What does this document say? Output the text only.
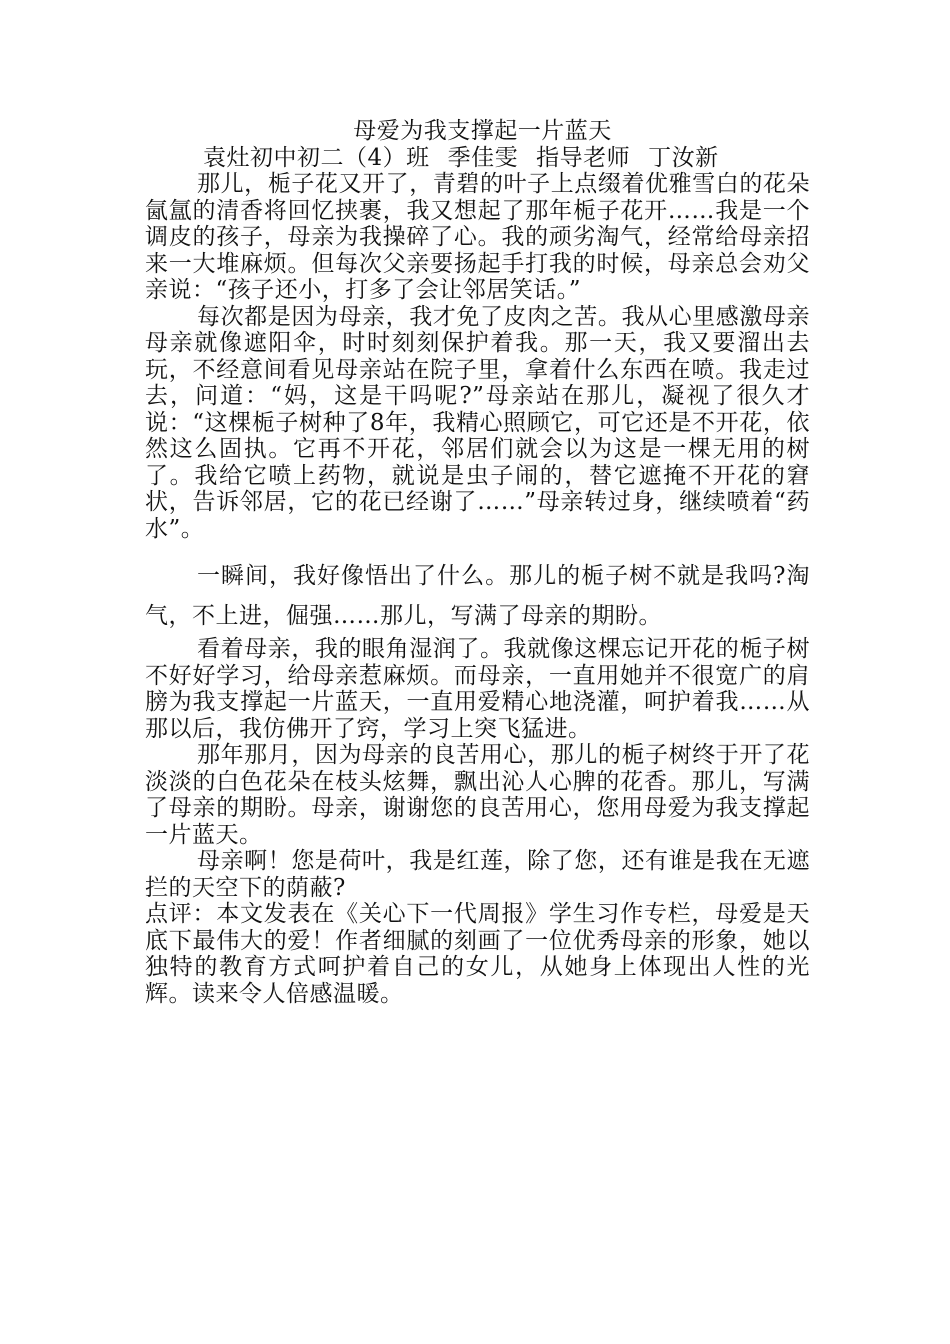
母爱为我支撑起一片蓝天
袁灶初中初二（4）班 季佳雯 指导老师 丁汝新

那儿，栀子花又开了，青碧的叶子上点缀着优雅雪白的花朵氤氲的清香将回忆挟裹，我又想起了那年栀子花开……我是一个调皮的孩子，母亲为我操碎了心。我的顽劣淘气，经常给母亲招来一大堆麻烦。但每次父亲要扬起手打我的时候，母亲总会劝父亲说：“孩子还小，打多了会让邻居笑话。”

每次都是因为母亲，我才免了皮肉之苦。我从心里感激母亲母亲就像遮阳伞，时时刻刻保护着我。那一天，我又要溜出去玩，不经意间看见母亲站在院子里，拿着什么东西在喷。我走过去，问道：“妈，这是干吗呢?”母亲站在那儿，凝视了很久才说：“这棵栀子树种了8年，我精心照顾它，可它还是不开花，依然这么固执。它再不开花，邻居们就会以为这是一棵无用的树了。我给它喷上药物，就说是虫子闹的，替它遮掩不开花的窘状，告诉邻居，它的花已经谢了……”母亲转过身，继续喷着“药水”。

一瞬间，我好像悟出了什么。那儿的栀子树不就是我吗?淘气，不上进，倔强……那儿，写满了母亲的期盼。

看着母亲，我的眼角湿润了。我就像这棵忘记开花的栀子树不好好学习，给母亲惹麻烦。而母亲，一直用她并不很宽广的肩膀为我支撑起一片蓝天，一直用爱精心地浇灌，呵护着我……从那以后，我仿佛开了窍，学习上突飞猛进。

那年那月，因为母亲的良苦用心，那儿的栀子树终于开了花淡淡的白色花朵在枝头炫舞，飘出沁人心脾的花香。那儿，写满了母亲的期盼。母亲，谢谢您的良苦用心，您用母爱为我支撑起一片蓝天。

母亲啊！您是荷叶，我是红莲，除了您，还有谁是我在无遮拦的天空下的荫蔽?

点评：本文发表在《关心下一代周报》学生习作专栏，母爱是天底下最伟大的爱！作者细腻的刻画了一位优秀母亲的形象，她以独特的教育方式呵护着自己的女儿，从她身上体现出人性的光辉。读来令人倍感温暖。
